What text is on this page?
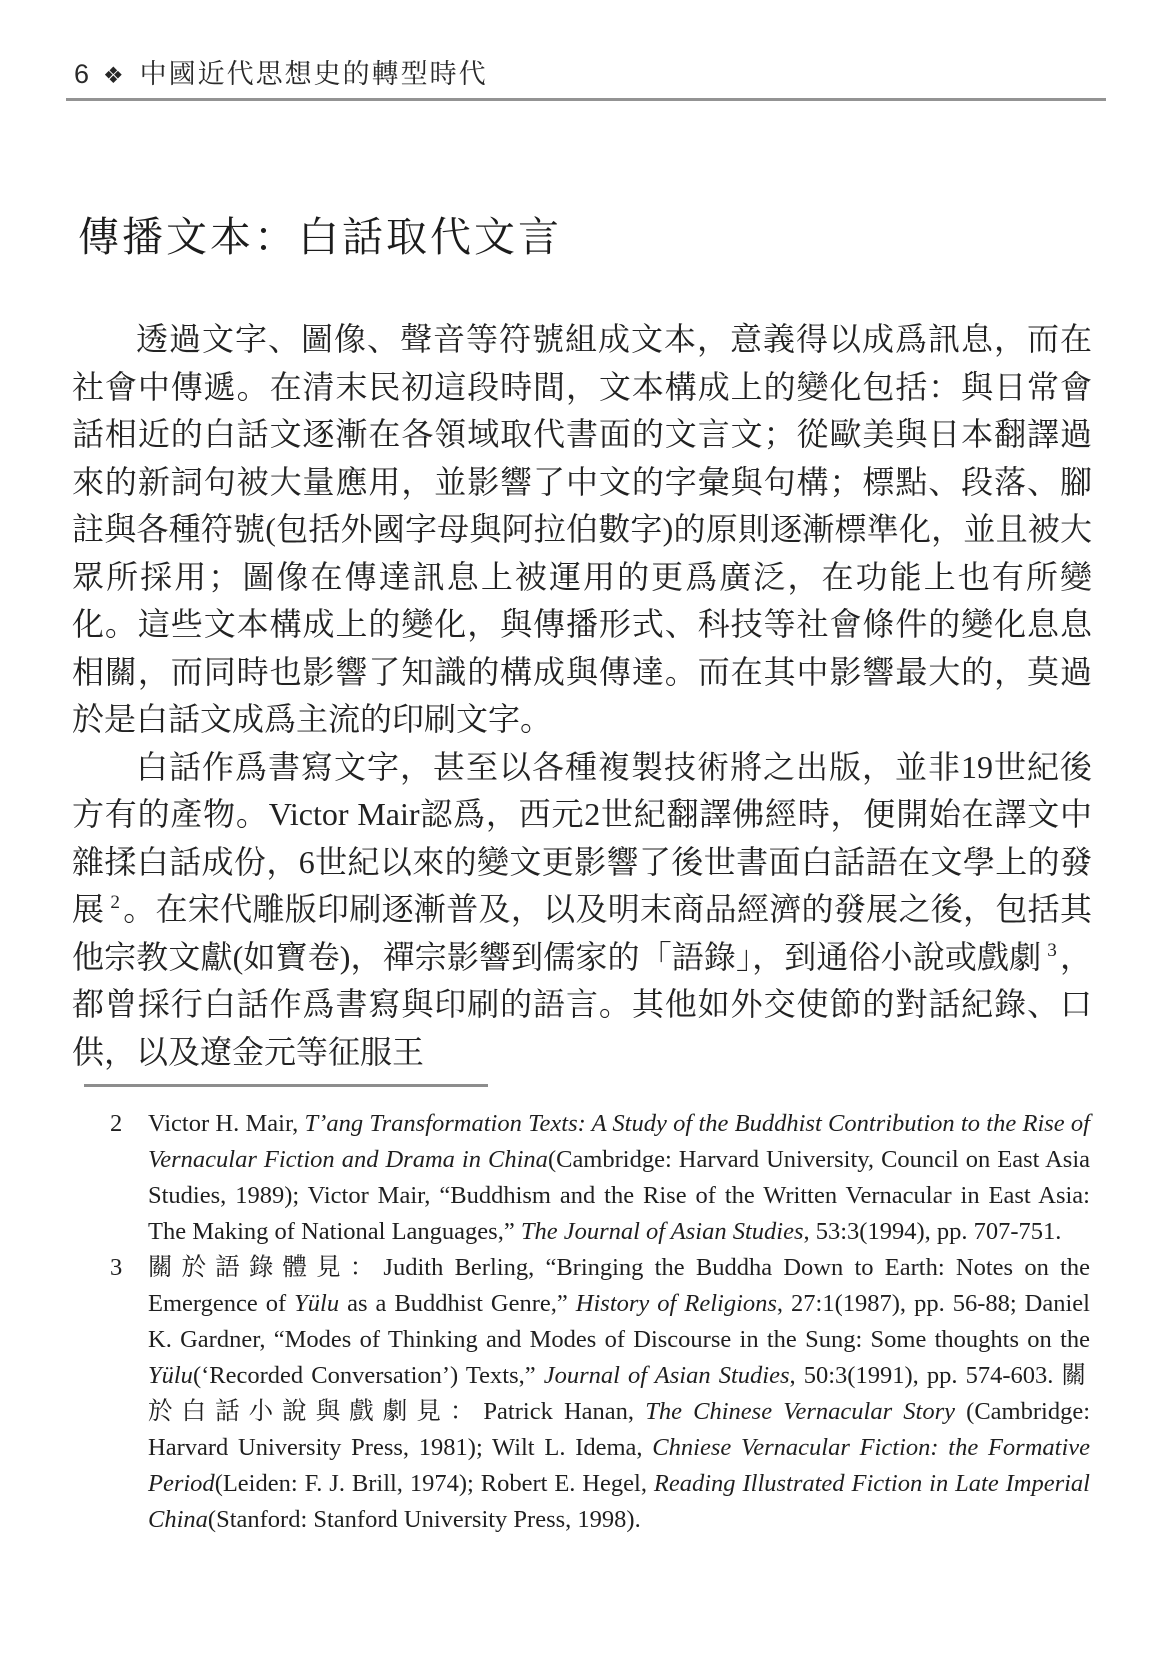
6 ❖ 中國近代思想史的轉型時代
傳播文本：白話取代文言

透過文字、圖像、聲音等符號組成文本，意義得以成爲訊息，而在社會中傳遞。在清末民初這段時間，文本構成上的變化包括：與日常會話相近的白話文逐漸在各領域取代書面的文言文；從歐美與日本翻譯過來的新詞句被大量應用，並影響了中文的字彙與句構；標點、段落、腳註與各種符號(包括外國字母與阿拉伯數字)的原則逐漸標準化，並且被大眾所採用；圖像在傳達訊息上被運用的更爲廣泛，在功能上也有所變化。這些文本構成上的變化，與傳播形式、科技等社會條件的變化息息相關，而同時也影響了知識的構成與傳達。而在其中影響最大的，莫過於是白話文成爲主流的印刷文字。

白話作爲書寫文字，甚至以各種複製技術將之出版，並非19世紀後方有的產物。Victor Mair認爲，西元2世紀翻譯佛經時，便開始在譯文中雜揉白話成份，6世紀以來的變文更影響了後世書面白話語在文學上的發展 $^2$。在宋代雕版印刷逐漸普及，以及明末商品經濟的發展之後，包括其他宗教文獻(如寶卷)，禪宗影響到儒家的「語錄」，到通俗小說或戲劇 $^3$，都曾採行白話作爲書寫與印刷的語言。其他如外交使節的對話紀錄、口供，以及遼金元等征服王

2	Victor H. Mair, T’ang Transformation Texts: A Study of the Buddhist Contribution to the Rise of Vernacular Fiction and Drama in China(Cambridge: Harvard University, Council on East Asia Studies, 1989); Victor Mair, “Buddhism and the Rise of the Written Vernacular in East Asia: The Making of National Languages,” The Journal of Asian Studies, 53:3(1994), pp. 707-751.
3	關於語錄體見：Judith Berling, “Bringing the Buddha Down to Earth: Notes on the Emergence of Yülu as a Buddhist Genre,” History of Religions, 27:1(1987), pp. 56-88; Daniel K. Gardner, “Modes of Thinking and Modes of Discourse in the Sung: Some thoughts on the Yülu(‘Recorded Conversation’) Texts,” Journal of Asian Studies, 50:3(1991), pp. 574-603. 關於白話小說與戲劇見：Patrick Hanan, The Chinese Vernacular Story (Cambridge: Harvard University Press, 1981); Wilt L. Idema, Chniese Vernacular Fiction: the Formative Period(Leiden: F. J. Brill, 1974); Robert E. Hegel, Reading Illustrated Fiction in Late Imperial China(Stanford: Stanford University Press, 1998).
